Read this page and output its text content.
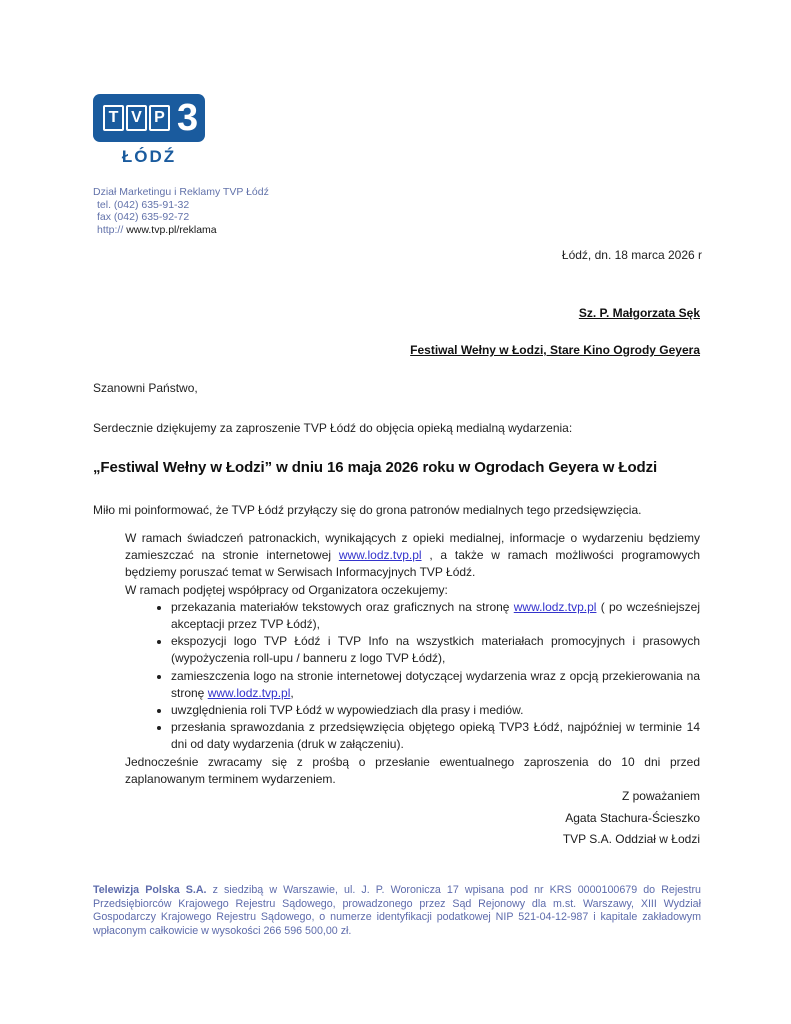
T V P 3
ŁÓDŹ
Dział Marketingu i Reklamy TVP Łódź
tel. (042) 635-91-32
fax (042) 635-92-72
http:// www.tvp.pl/reklama
Łódź, dn. 18 marca 2026 r
Sz. P. Małgorzata Sęk
Festiwal Wełny w Łodzi, Stare Kino Ogrody Geyera
Szanowni Państwo,
Serdecznie dziękujemy za zaproszenie TVP Łódź do objęcia opieką medialną wydarzenia:
„Festiwal Wełny w Łodzi” w dniu 16 maja 2026 roku w Ogrodach Geyera w Łodzi
Miło mi poinformować, że TVP Łódź przyłączy się do grona patronów medialnych tego przedsięwzięcia.

W ramach świadczeń patronackich, wynikających z opieki medialnej, informacje o wydarzeniu będziemy zamieszczać na stronie internetowej www.lodz.tvp.pl , a także w ramach możliwości programowych będziemy poruszać temat w Serwisach Informacyjnych TVP Łódź.

W ramach podjętej współpracy od Organizatora oczekujemy:

• przekazania materiałów tekstowych oraz graficznych na stronę www.lodz.tvp.pl ( po wcześniejszej akceptacji przez TVP Łódź),
• ekspozycji logo TVP Łódź i TVP Info na wszystkich materiałach promocyjnych i prasowych (wypożyczenia roll-upu / banneru z logo TVP Łódź),
• zamieszczenia logo na stronie internetowej dotyczącej wydarzenia wraz z opcją przekierowania na stronę www.lodz.tvp.pl,
• uwzględnienia roli TVP Łódź w wypowiedziach dla prasy i mediów.
• przesłania sprawozdania z przedsięwzięcia objętego opieką TVP3 Łódź, najpóźniej w terminie 14 dni od daty wydarzenia (druk w załączeniu).

Jednocześnie zwracamy się z prośbą o przesłanie ewentualnego zaproszenia do 10 dni przed zaplanowanym terminem wydarzeniem.

Z poważaniem
Agata Stachura-Ścieszko
TVP S.A. Oddział w Łodzi
Telewizja Polska S.A. z siedzibą w Warszawie, ul. J. P. Woronicza 17 wpisana pod nr KRS 0000100679 do Rejestru Przedsiębiorców Krajowego Rejestru Sądowego, prowadzonego przez Sąd Rejonowy dla m.st. Warszawy, XIII Wydział Gospodarczy Krajowego Rejestru Sądowego, o numerze identyfikacji podatkowej NIP 521-04-12-987 i kapitale zakładowym wpłaconym całkowicie w wysokości 266 596 500,00 zł.
